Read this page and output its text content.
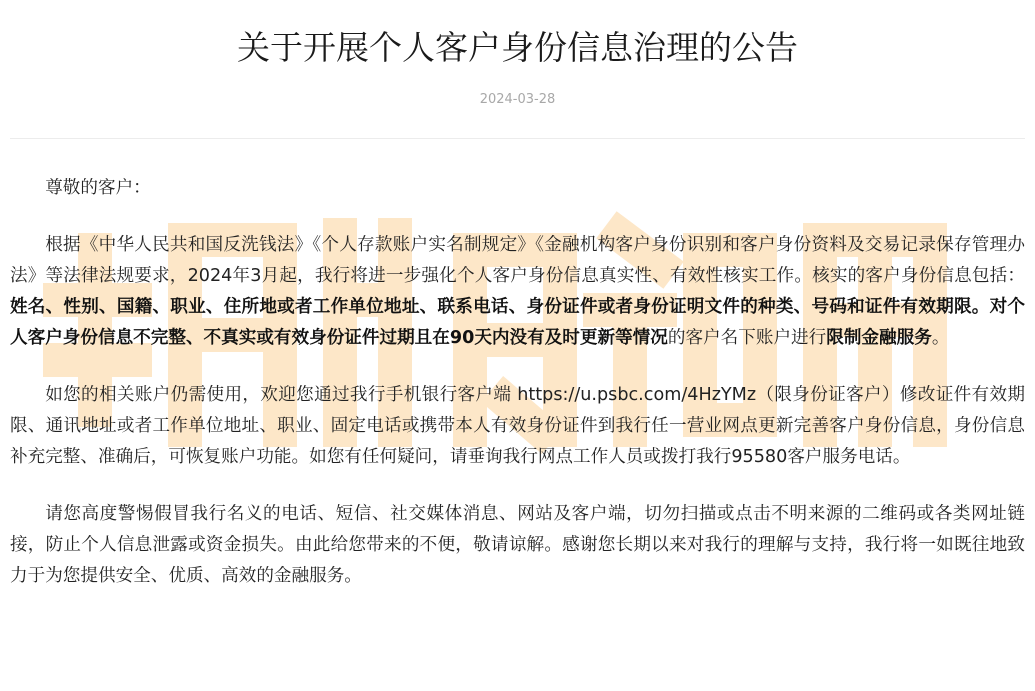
关于开展个人客户身份信息治理的公告
2024-03-28

尊敬的客户：

根据《中华人民共和国反洗钱法》《个人存款账户实名制规定》《金融机构客户身份识别和客户身份资料及交易记录保存管理办法》等法律法规要求，2024年3月起，我行将进一步强化个人客户身份信息真实性、有效性核实工作。核实的客户身份信息包括：姓名、性别、国籍、职业、住所地或者工作单位地址、联系电话、身份证件或者身份证明文件的种类、号码和证件有效期限。对个人客户身份信息不完整、不真实或有效身份证件过期且在90天内没有及时更新等情况的客户名下账户进行限制金融服务。

如您的相关账户仍需使用，欢迎您通过我行手机银行客户端 https://u.psbc.com/4HzYMz（限身份证客户）修改证件有效期限、通讯地址或者工作单位地址、职业、固定电话或携带本人有效身份证件到我行任一营业网点更新完善客户身份信息，身份信息补充完整、准确后，可恢复账户功能。如您有任何疑问，请垂询我行网点工作人员或拨打我行95580客户服务电话。

请您高度警惕假冒我行名义的电话、短信、社交媒体消息、网站及客户端，切勿扫描或点击不明来源的二维码或各类网址链接，防止个人信息泄露或资金损失。由此给您带来的不便，敬请谅解。感谢您长期以来对我行的理解与支持，我行将一如既往地致力于为您提供安全、优质、高效的金融服务。
